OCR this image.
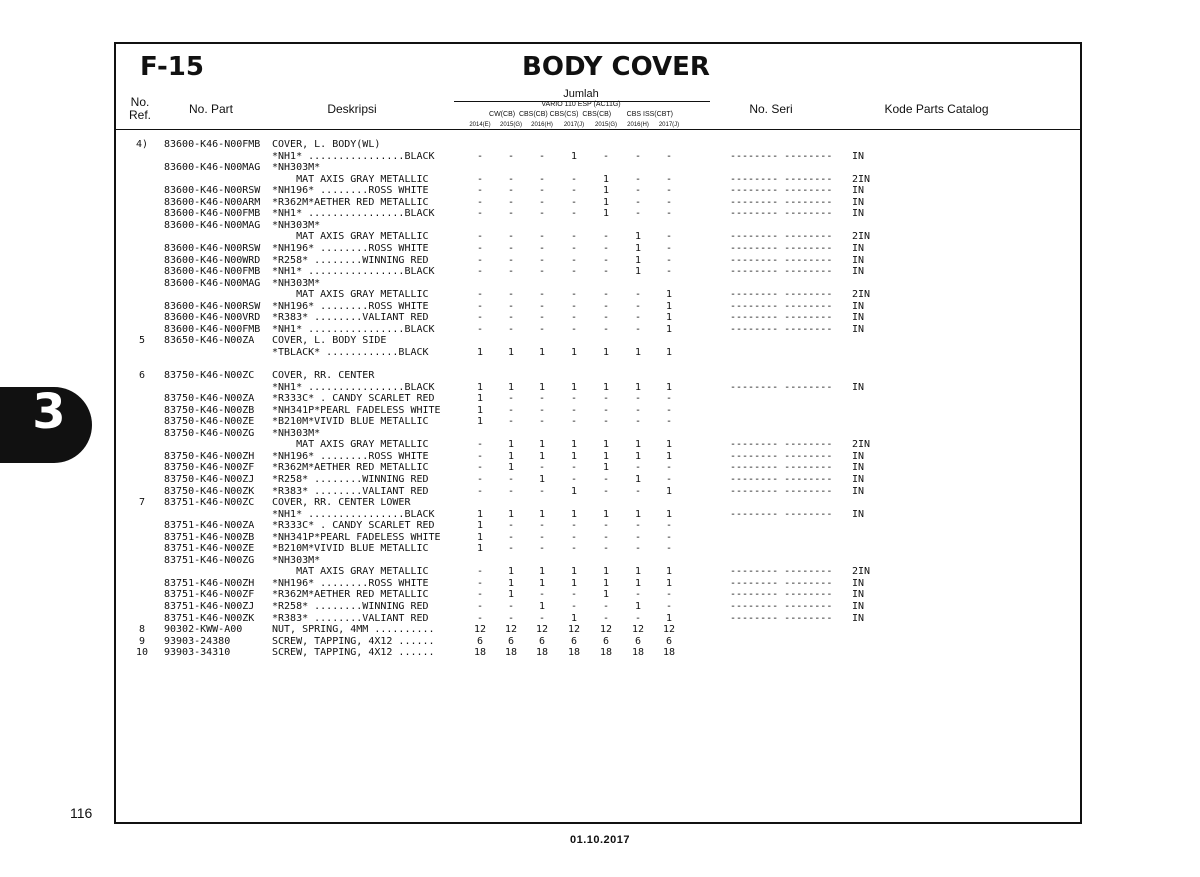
3
F-15	BODY COVER
No.
Ref.	No. Part	Deskripsi
Jumlah
VARIO 110 ESP (AC11G)
CW(CB)  CBS(CB) CBS(CS)  CBS(CB)        CBS ISS(CBT)
2014(E)	2015(G)	2016(H)	2017(J)	2015(G)	2016(H)	2017(J)
No. Seri	Kode Parts Catalog
4)	83600-K46-N00FMB COVER, L. BODY(WL)
*NH1* ................BLACK	-	-	-	1	-	-	-	-------- -------- IN
83600-K46-N00MAG *NH303M*
MAT AXIS GRAY METALLIC	-	-	-	-	1	-	-	-------- -------- 2IN
83600-K46-N00RSW *NH196* ........ROSS WHITE	-	-	-	-	1	-	-	-------- -------- IN
83600-K46-N00ARM *R362M*AETHER RED METALLIC	-	-	-	-	1	-	-	-------- -------- IN
83600-K46-N00FMB *NH1* ................BLACK	-	-	-	-	1	-	-	-------- -------- IN
83600-K46-N00MAG *NH303M*
MAT AXIS GRAY METALLIC	-	-	-	-	-	1	-	-------- -------- 2IN
83600-K46-N00RSW *NH196* ........ROSS WHITE	-	-	-	-	-	1	-	-------- -------- IN
83600-K46-N00WRD *R258* ........WINNING RED	-	-	-	-	-	1	-	-------- -------- IN
83600-K46-N00FMB *NH1* ................BLACK	-	-	-	-	-	1	-	-------- -------- IN
83600-K46-N00MAG *NH303M*
MAT AXIS GRAY METALLIC	-	-	-	-	-	-	1	-------- -------- 2IN
83600-K46-N00RSW *NH196* ........ROSS WHITE	-	-	-	-	-	-	1	-------- -------- IN
83600-K46-N00VRD *R383* ........VALIANT RED	-	-	-	-	-	-	1	-------- -------- IN
83600-K46-N00FMB *NH1* ................BLACK	-	-	-	-	-	-	1	-------- -------- IN
5	83650-K46-N00ZA COVER, L. BODY SIDE
*TBLACK* ............BLACK	1	1	1	1	1	1	1
6	83750-K46-N00ZC COVER, RR. CENTER
*NH1* ................BLACK	1	1	1	1	1	1	1	-------- -------- IN
83750-K46-N00ZA *R333C* . CANDY SCARLET RED	1	-	-	-	-	-	-
83750-K46-N00ZB *NH341P*PEARL FADELESS WHITE	1	-	-	-	-	-	-
83750-K46-N00ZE *B210M*VIVID BLUE METALLIC	1	-	-	-	-	-	-
83750-K46-N00ZG *NH303M*
MAT AXIS GRAY METALLIC	-	1	1	1	1	1	1	-------- -------- 2IN
83750-K46-N00ZH *NH196* ........ROSS WHITE	-	1	1	1	1	1	1	-------- -------- IN
83750-K46-N00ZF *R362M*AETHER RED METALLIC	-	1	-	-	1	-	-	-------- -------- IN
83750-K46-N00ZJ *R258* ........WINNING RED	-	-	1	-	-	1	-	-------- -------- IN
83750-K46-N00ZK *R383* ........VALIANT RED	-	-	-	1	-	-	1	-------- -------- IN
7	83751-K46-N00ZC COVER, RR. CENTER LOWER
*NH1* ................BLACK	1	1	1	1	1	1	1	-------- -------- IN
83751-K46-N00ZA *R333C* . CANDY SCARLET RED	1	-	-	-	-	-	-
83751-K46-N00ZB *NH341P*PEARL FADELESS WHITE	1	-	-	-	-	-	-
83751-K46-N00ZE *B210M*VIVID BLUE METALLIC	1	-	-	-	-	-	-
83751-K46-N00ZG *NH303M*
MAT AXIS GRAY METALLIC	-	1	1	1	1	1	1	-------- -------- 2IN
83751-K46-N00ZH *NH196* ........ROSS WHITE	-	1	1	1	1	1	1	-------- -------- IN
83751-K46-N00ZF *R362M*AETHER RED METALLIC	-	1	-	-	1	-	-	-------- -------- IN
83751-K46-N00ZJ *R258* ........WINNING RED	-	-	1	-	-	1	-	-------- -------- IN
83751-K46-N00ZK *R383* ........VALIANT RED	-	-	-	1	-	-	1	-------- -------- IN
8	90302-KWW-A00	NUT, SPRING, 4MM ..........	12	12	12	12	12	12	12
9	93903-24380	SCREW, TAPPING, 4X12 ......	6	6	6	6	6	6	6
10	93903-34310	SCREW, TAPPING, 4X12 ......	18	18	18	18	18	18	18
116
01.10.2017
